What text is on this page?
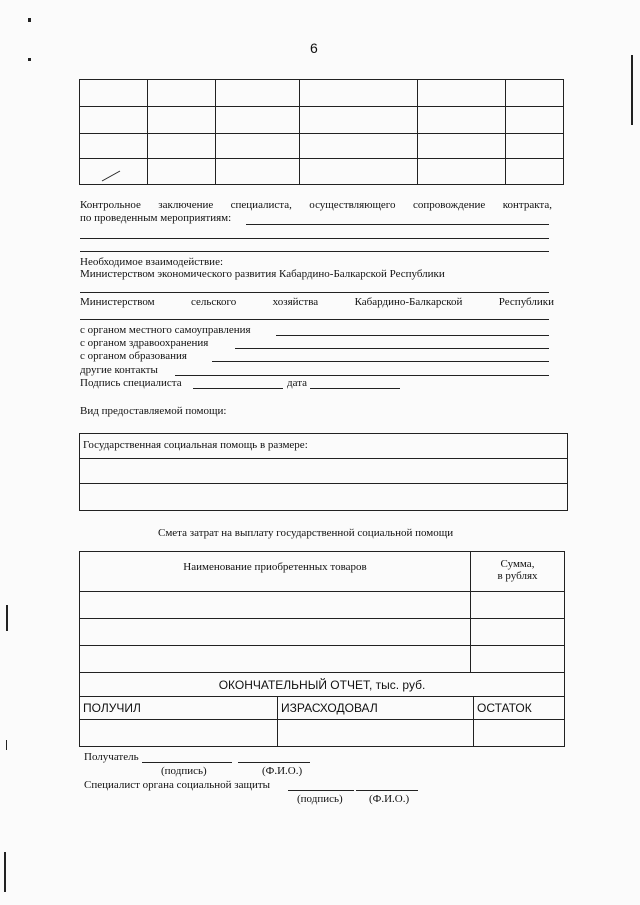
6

Контрольное заключение специалиста, осуществляющего сопровождение контракта,
по проведенным мероприятиям:
Необходимое взаимодействие:
Министерством экономического развития Кабардино-Балкарской Республики
Министерством	сельского	хозяйства	Кабардино-Балкарской	Республики
с органом местного самоуправления
с органом здравоохранения
с органом образования
другие контакты
Подпись специалиста	дата
Вид предоставляемой помощи:
Государственная социальная помощь в размере:

Смета затрат на выплату государственной социальной помощи
Наименование приобретенных товаров	Сумма,
в рублях

ОКОНЧАТЕЛЬНЫЙ ОТЧЕТ, тыс. руб.		
ПОЛУЧИЛ	ИЗРАСХОДОВАЛ	ОСТАТОК

Получатель
(подпись)	(Ф.И.О.)
Специалист органа социальной защиты
(подпись) (Ф.И.О.)
